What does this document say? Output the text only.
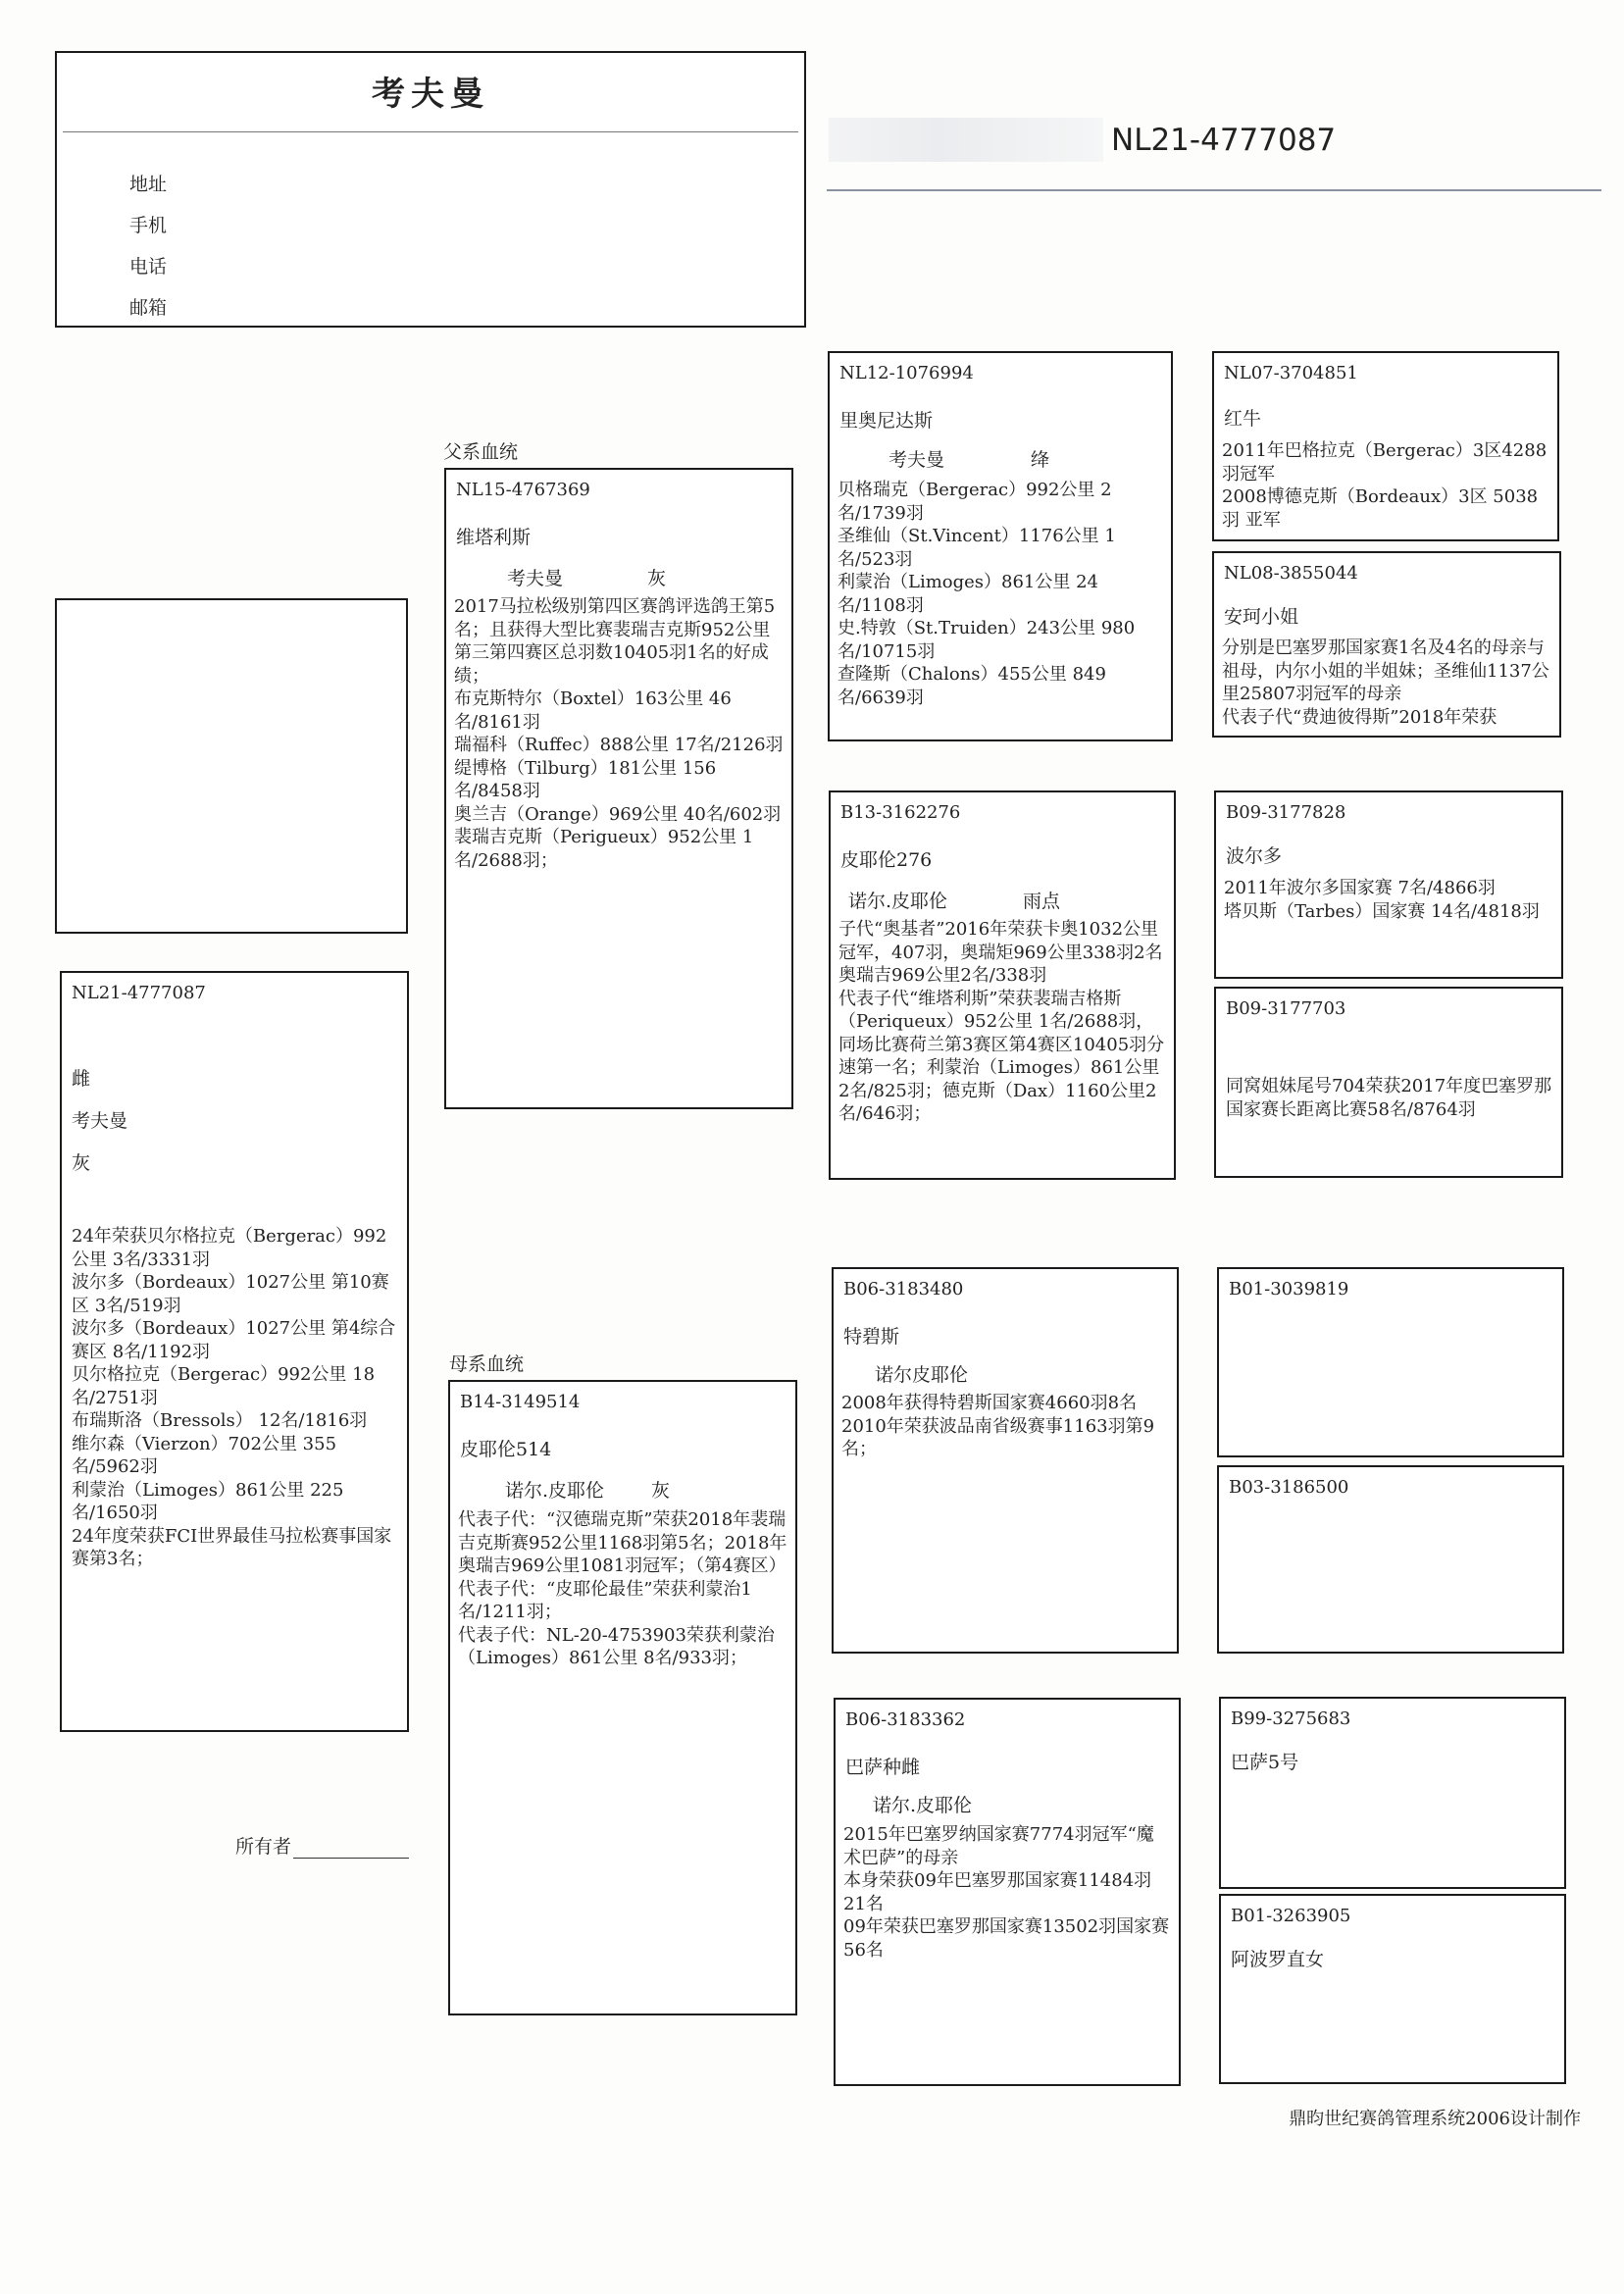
考夫曼
地址
手机
电话
邮箱
NL21-4777087
父系血统
母系血统
NL21-4777087
雌
考夫曼
灰
24年荣获贝尔格拉克（Bergerac）992公里 3名/3331羽
波尔多（Bordeaux）1027公里 第10赛区 3名/519羽
波尔多（Bordeaux）1027公里 第4综合赛区 8名/1192羽
贝尔格拉克（Bergerac）992公里 18名/2751羽
布瑞斯洛（Bressols） 12名/1816羽
维尔森（Vierzon）702公里 355名/5962羽
利蒙治（Limoges）861公里 225名/1650羽
24年度荣获FCI世界最佳马拉松赛事国家赛第3名；
所有者
NL15-4767369
维塔利斯
考夫曼	灰
2017马拉松级别第四区赛鸽评选鸽王第5名；且获得大型比赛裴瑞吉克斯952公里第三第四赛区总羽数10405羽1名的好成绩；
布克斯特尔（Boxtel）163公里 46名/8161羽
瑞福科（Ruffec）888公里 17名/2126羽
缇博格（Tilburg）181公里 156名/8458羽
奥兰吉（Orange）969公里 40名/602羽
裴瑞吉克斯（Perigueux）952公里 1名/2688羽；
B14-3149514
皮耶伦514
诺尔.皮耶伦	灰
代表子代：“汉德瑞克斯”荣获2018年裴瑞吉克斯赛952公里1168羽第5名；2018年奥瑞吉969公里1081羽冠军；（第4赛区）
代表子代：“皮耶伦最佳”荣获利蒙治1名/1211羽；
代表子代：NL-20-4753903荣获利蒙治（Limoges）861公里 8名/933羽；
NL12-1076994
里奥尼达斯
考夫曼	绛
贝格瑞克（Bergerac）992公里 2名/1739羽
圣维仙（St.Vincent）1176公里 1名/523羽
利蒙治（Limoges）861公里 24名/1108羽
史.特敦（St.Truiden）243公里 980名/10715羽
查隆斯（Chalons）455公里 849名/6639羽
B13-3162276
皮耶伦276
诺尔.皮耶伦	雨点
子代“奥基者”2016年荣获卡奥1032公里冠军，407羽，奥瑞矩969公里338羽2名
奥瑞吉969公里2名/338羽
代表子代“维塔利斯”荣获裴瑞吉格斯（Periqueux）952公里 1名/2688羽，同场比赛荷兰第3赛区第4赛区10405羽分速第一名；利蒙治（Limoges）861公里 2名/825羽；德克斯（Dax）1160公里2名/646羽；
B06-3183480
特碧斯
诺尔皮耶伦
2008年获得特碧斯国家赛4660羽8名
2010年荣获波品南省级赛事1163羽第9名；
B06-3183362
巴萨种雌
诺尔.皮耶伦
2015年巴塞罗纳国家赛7774羽冠军“魔术巴萨”的母亲
本身荣获09年巴塞罗那国家赛11484羽21名
09年荣获巴塞罗那国家赛13502羽国家赛56名
NL07-3704851
红牛
2011年巴格拉克（Bergerac）3区4288羽冠军
2008博德克斯（Bordeaux）3区 5038羽 亚军
NL08-3855044
安珂小姐
分别是巴塞罗那国家赛1名及4名的母亲与祖母，内尔小姐的半姐妹；圣维仙1137公里25807羽冠军的母亲
代表子代“费迪彼得斯”2018年荣获
B09-3177828
波尔多
2011年波尔多国家赛 7名/4866羽
塔贝斯（Tarbes）国家赛 14名/4818羽
B09-3177703
同窝姐妹尾号704荣获2017年度巴塞罗那国家赛长距离比赛58名/8764羽
B01-3039819
B03-3186500
B99-3275683
巴萨5号
B01-3263905
阿波罗直女
鼎昀世纪赛鸽管理系统2006设计制作
